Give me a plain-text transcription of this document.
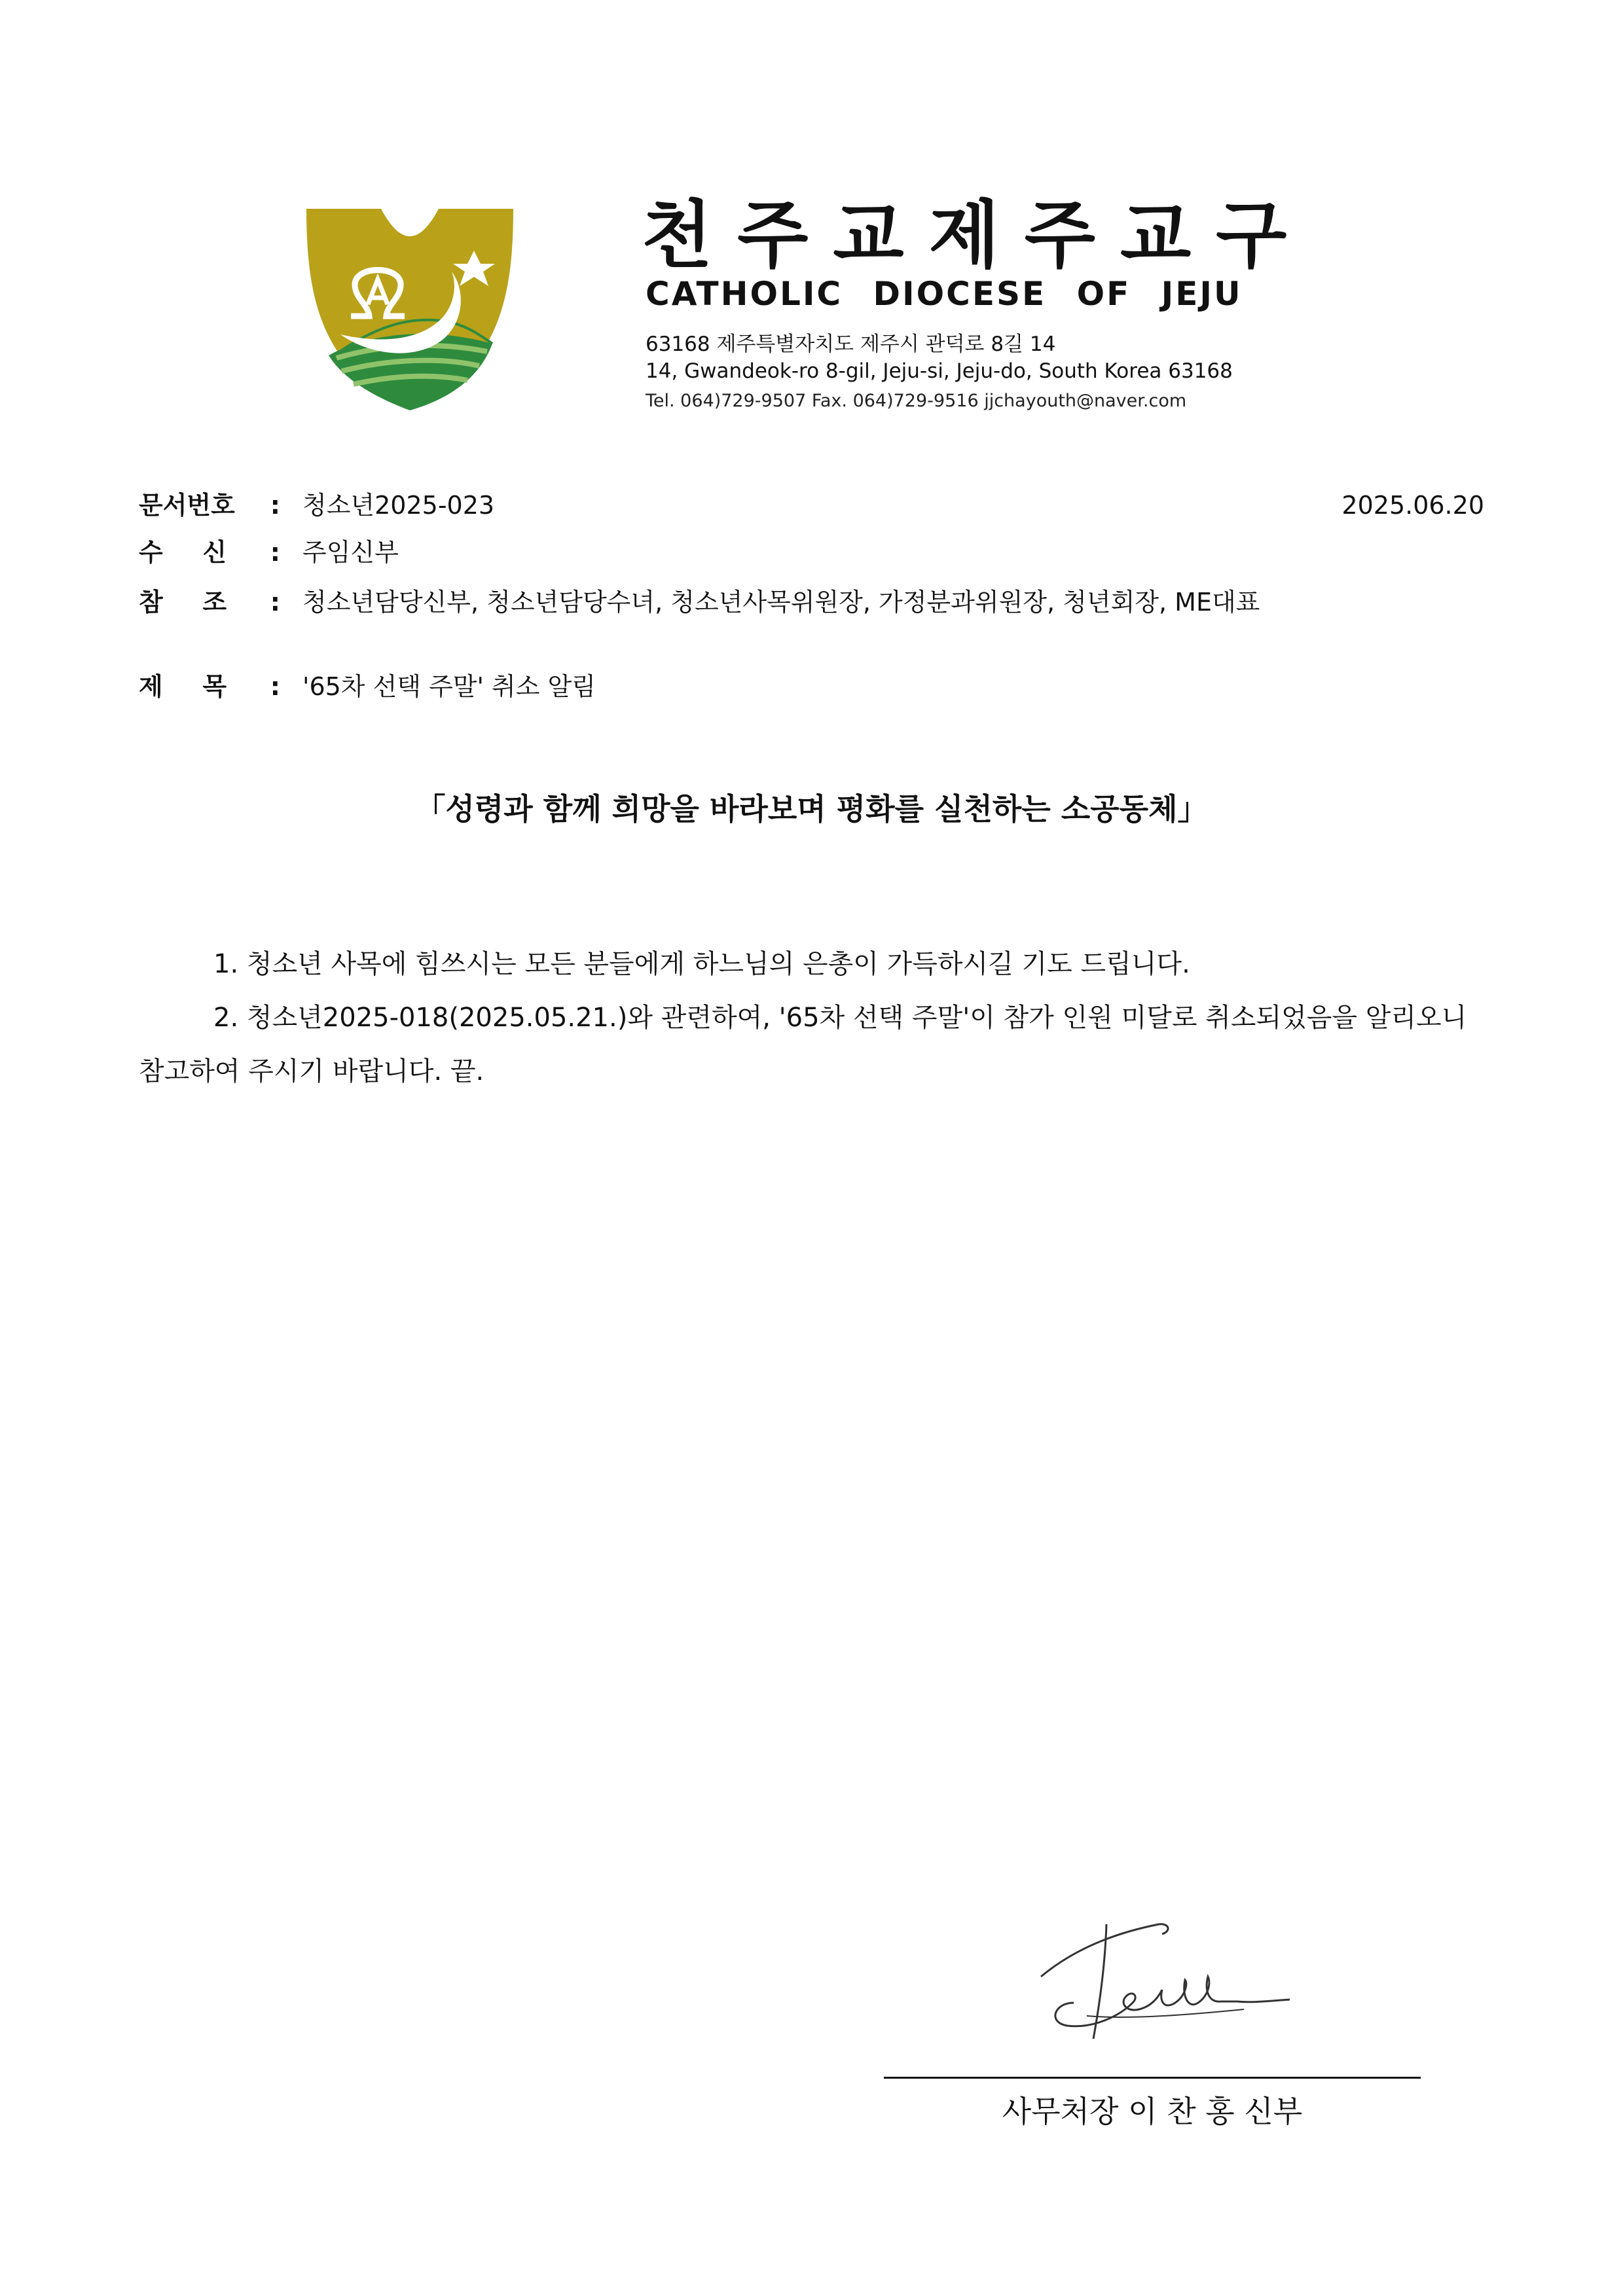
천주교제주교구
CATHOLIC DIOCESE OF JEJU
63168 제주특별자치도 제주시 관덕로 8길 14
14, Gwandeok-ro 8-gil, Jeju-si, Jeju-do, South Korea 63168
Tel. 064)729-9507 Fax. 064)729-9516 jjchayouth@naver.com
문서번호 : 청소년2025-023	2025.06.20
수 신 : 주임신부
참 조 : 청소년담당신부, 청소년담당수녀, 청소년사목위원장, 가정분과위원장, 청년회장, ME대표
제 목 : '65차 선택 주말' 취소 알림
「성령과 함께 희망을 바라보며 평화를 실천하는 소공동체」
1. 청소년 사목에 힘쓰시는 모든 분들에게 하느님의 은총이 가득하시길 기도 드립니다.
2. 청소년2025-018(2025.05.21.)와 관련하여, '65차 선택 주말'이 참가 인원 미달로 취소되었음을 알리오니 참고하여 주시기 바랍니다. 끝.
사무처장 이 찬 홍 신부
